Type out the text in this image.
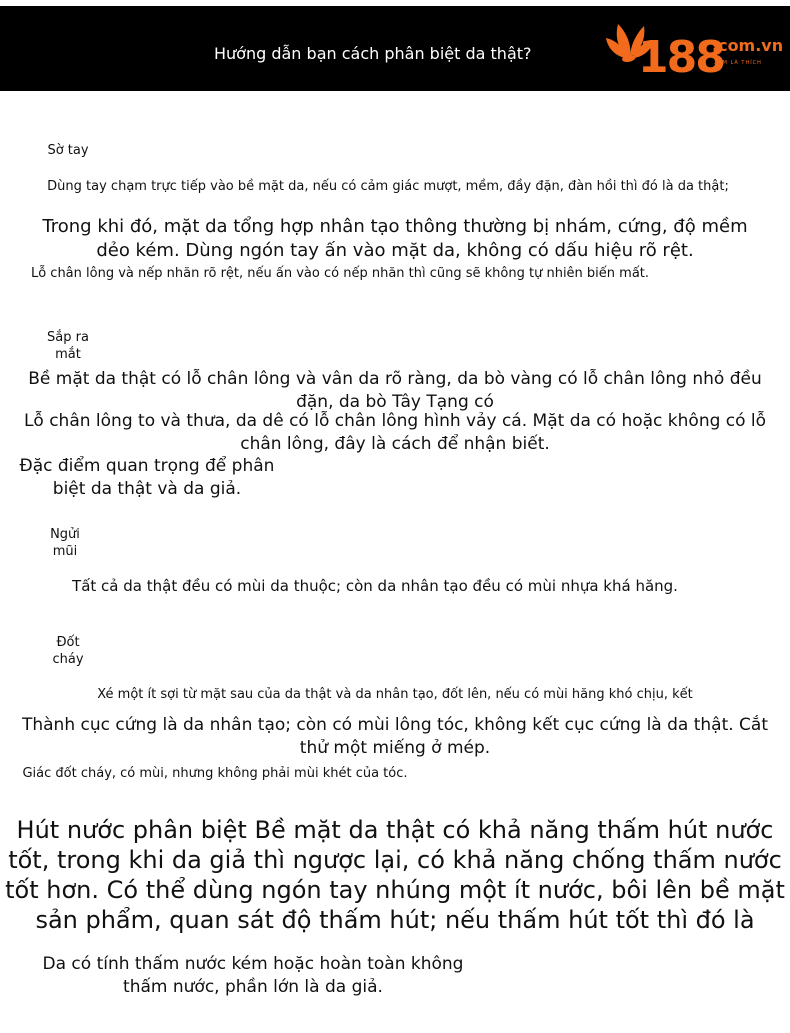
Hướng dẫn bạn cách phân biệt da thật? 188
.com.vn
XEM LÀ THÍCH

Sờ tay

Dùng tay chạm trực tiếp vào bề mặt da, nếu có cảm giác mượt, mềm, đầy đặn, đàn hồi thì đó là da thật;

Trong khi đó, mặt da tổng hợp nhân tạo thông thường bị nhám, cứng, độ mềm dẻo kém. Dùng ngón tay ấn vào mặt da, không có dấu hiệu rõ rệt.

Lỗ chân lông và nếp nhăn rõ rệt, nếu ấn vào có nếp nhăn thì cũng sẽ không tự nhiên biến mất.

Sắp ra mắt

Bề mặt da thật có lỗ chân lông và vân da rõ ràng, da bò vàng có lỗ chân lông nhỏ đều đặn, da bò Tây Tạng có

Lỗ chân lông to và thưa, da dê có lỗ chân lông hình vảy cá. Mặt da có hoặc không có lỗ chân lông, đây là cách để nhận biết.

Đặc điểm quan trọng để phân biệt da thật và da giả.

Ngửi mũi

Tất cả da thật đều có mùi da thuộc; còn da nhân tạo đều có mùi nhựa khá hăng.

Đốt cháy

Xé một ít sợi từ mặt sau của da thật và da nhân tạo, đốt lên, nếu có mùi hăng khó chịu, kết

Thành cục cứng là da nhân tạo; còn có mùi lông tóc, không kết cục cứng là da thật. Cắt thử một miếng ở mép.

Giác đốt cháy, có mùi, nhưng không phải mùi khét của tóc.

Hút nước phân biệt Bề mặt da thật có khả năng thấm hút nước tốt, trong khi da giả thì ngược lại, có khả năng chống thấm nước tốt hơn. Có thể dùng ngón tay nhúng một ít nước, bôi lên bề mặt sản phẩm, quan sát độ thấm hút; nếu thấm hút tốt thì đó là

Da có tính thấm nước kém hoặc hoàn toàn không thấm nước, phần lớn là da giả.
